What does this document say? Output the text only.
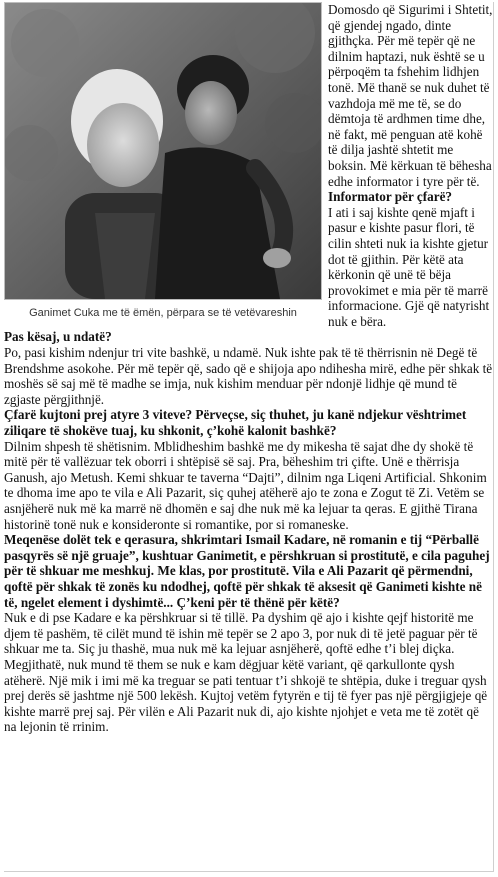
Ganimet Cuka me të ëmën, përpara se të vetëvareshin

Domosdo që Sigurimi i Shtetit, që gjendej ngado, dinte gjithçka. Për më tepër që ne dilnim haptazi, nuk është se u përpoqëm ta fshehim lidhjen tonë. Më thanë se nuk duhet të vazhdoja më me të, se do dëmtoja të ardhmen time dhe, në fakt, më penguan atë kohë të dilja jashtë shtetit me boksin. Më kërkuan të bëhesha edhe informator i tyre për të.

Informator për çfarë?

I ati i saj kishte qenë mjaft i pasur e kishte pasur flori, të cilin shteti nuk ia kishte gjetur dot të gjithin. Për këtë ata kërkonin që unë të bëja provokimet e mia për të marrë informacione. Gjë që natyrisht nuk e bëra.

Pas kësaj, u ndatë?

Po, pasi kishim ndenjur tri vite bashkë, u ndamë. Nuk ishte pak të të thërrisnin në Degë të Brendshme asokohe. Për më tepër që, sado që e shijoja apo ndihesha mirë, edhe për shkak të moshës së saj më të madhe se imja, nuk kishim menduar për ndonjë lidhje që mund të zgjaste përgjithnjë.

Çfarë kujtoni prej atyre 3 viteve? Përveçse, siç thuhet, ju kanë ndjekur vështrimet ziliqare të shokëve tuaj, ku shkonit, ç’kohë kalonit bashkë?

Dilnim shpesh të shëtisnim. Mblidheshim bashkë me dy mikesha të sajat dhe dy shokë të mitë për të vallëzuar tek oborri i shtëpisë së saj. Pra, bëheshim tri çifte. Unë e thërrisja Ganush, ajo Metush. Kemi shkuar te taverna “Dajti”, dilnim nga Liqeni Artificial. Shkonim te dhoma ime apo te vila e Ali Pazarit, siç quhej atëherë ajo te zona e Zogut të Zi. Vetëm se asnjëherë nuk më ka marrë në dhomën e saj dhe nuk më ka lejuar ta qeras. E gjithë Tirana historinë tonë nuk e konsideronte si romantike, por si romaneske.

Meqenëse dolët tek e qerasura, shkrimtari Ismail Kadare, në romanin e tij “Përballë pasqyrës së një gruaje”, kushtuar Ganimetit, e përshkruan si prostitutë, e cila paguhej për të shkuar me meshkuj. Me klas, por prostitutë. Vila e Ali Pazarit që përmendni, qoftë për shkak të zonës ku ndodhej, qoftë për shkak të aksesit që Ganimeti kishte në të, ngelet element i dyshimtë... Ç’keni për të thënë për këtë?

Nuk e di pse Kadare e ka përshkruar si të tillë. Pa dyshim që ajo i kishte qejf historitë me djem të pashëm, të cilët mund të ishin më tepër se 2 apo 3, por nuk di të jetë paguar për të shkuar me ta. Siç ju thashë, mua nuk më ka lejuar asnjëherë, qoftë edhe t’i blej diçka. Megjithatë, nuk mund të them se nuk e kam dëgjuar këtë variant, që qarkullonte qysh atëherë. Një mik i imi më ka treguar se pati tentuar t’i shkojë te shtëpia, duke i treguar qysh prej derës së jashtme një 500 lekësh. Kujtoj vetëm fytyrën e tij të fyer pas një përgjigjeje që kishte marrë prej saj. Për vilën e Ali Pazarit nuk di, ajo kishte njohjet e veta me të zotët që na lejonin të rrinim.
